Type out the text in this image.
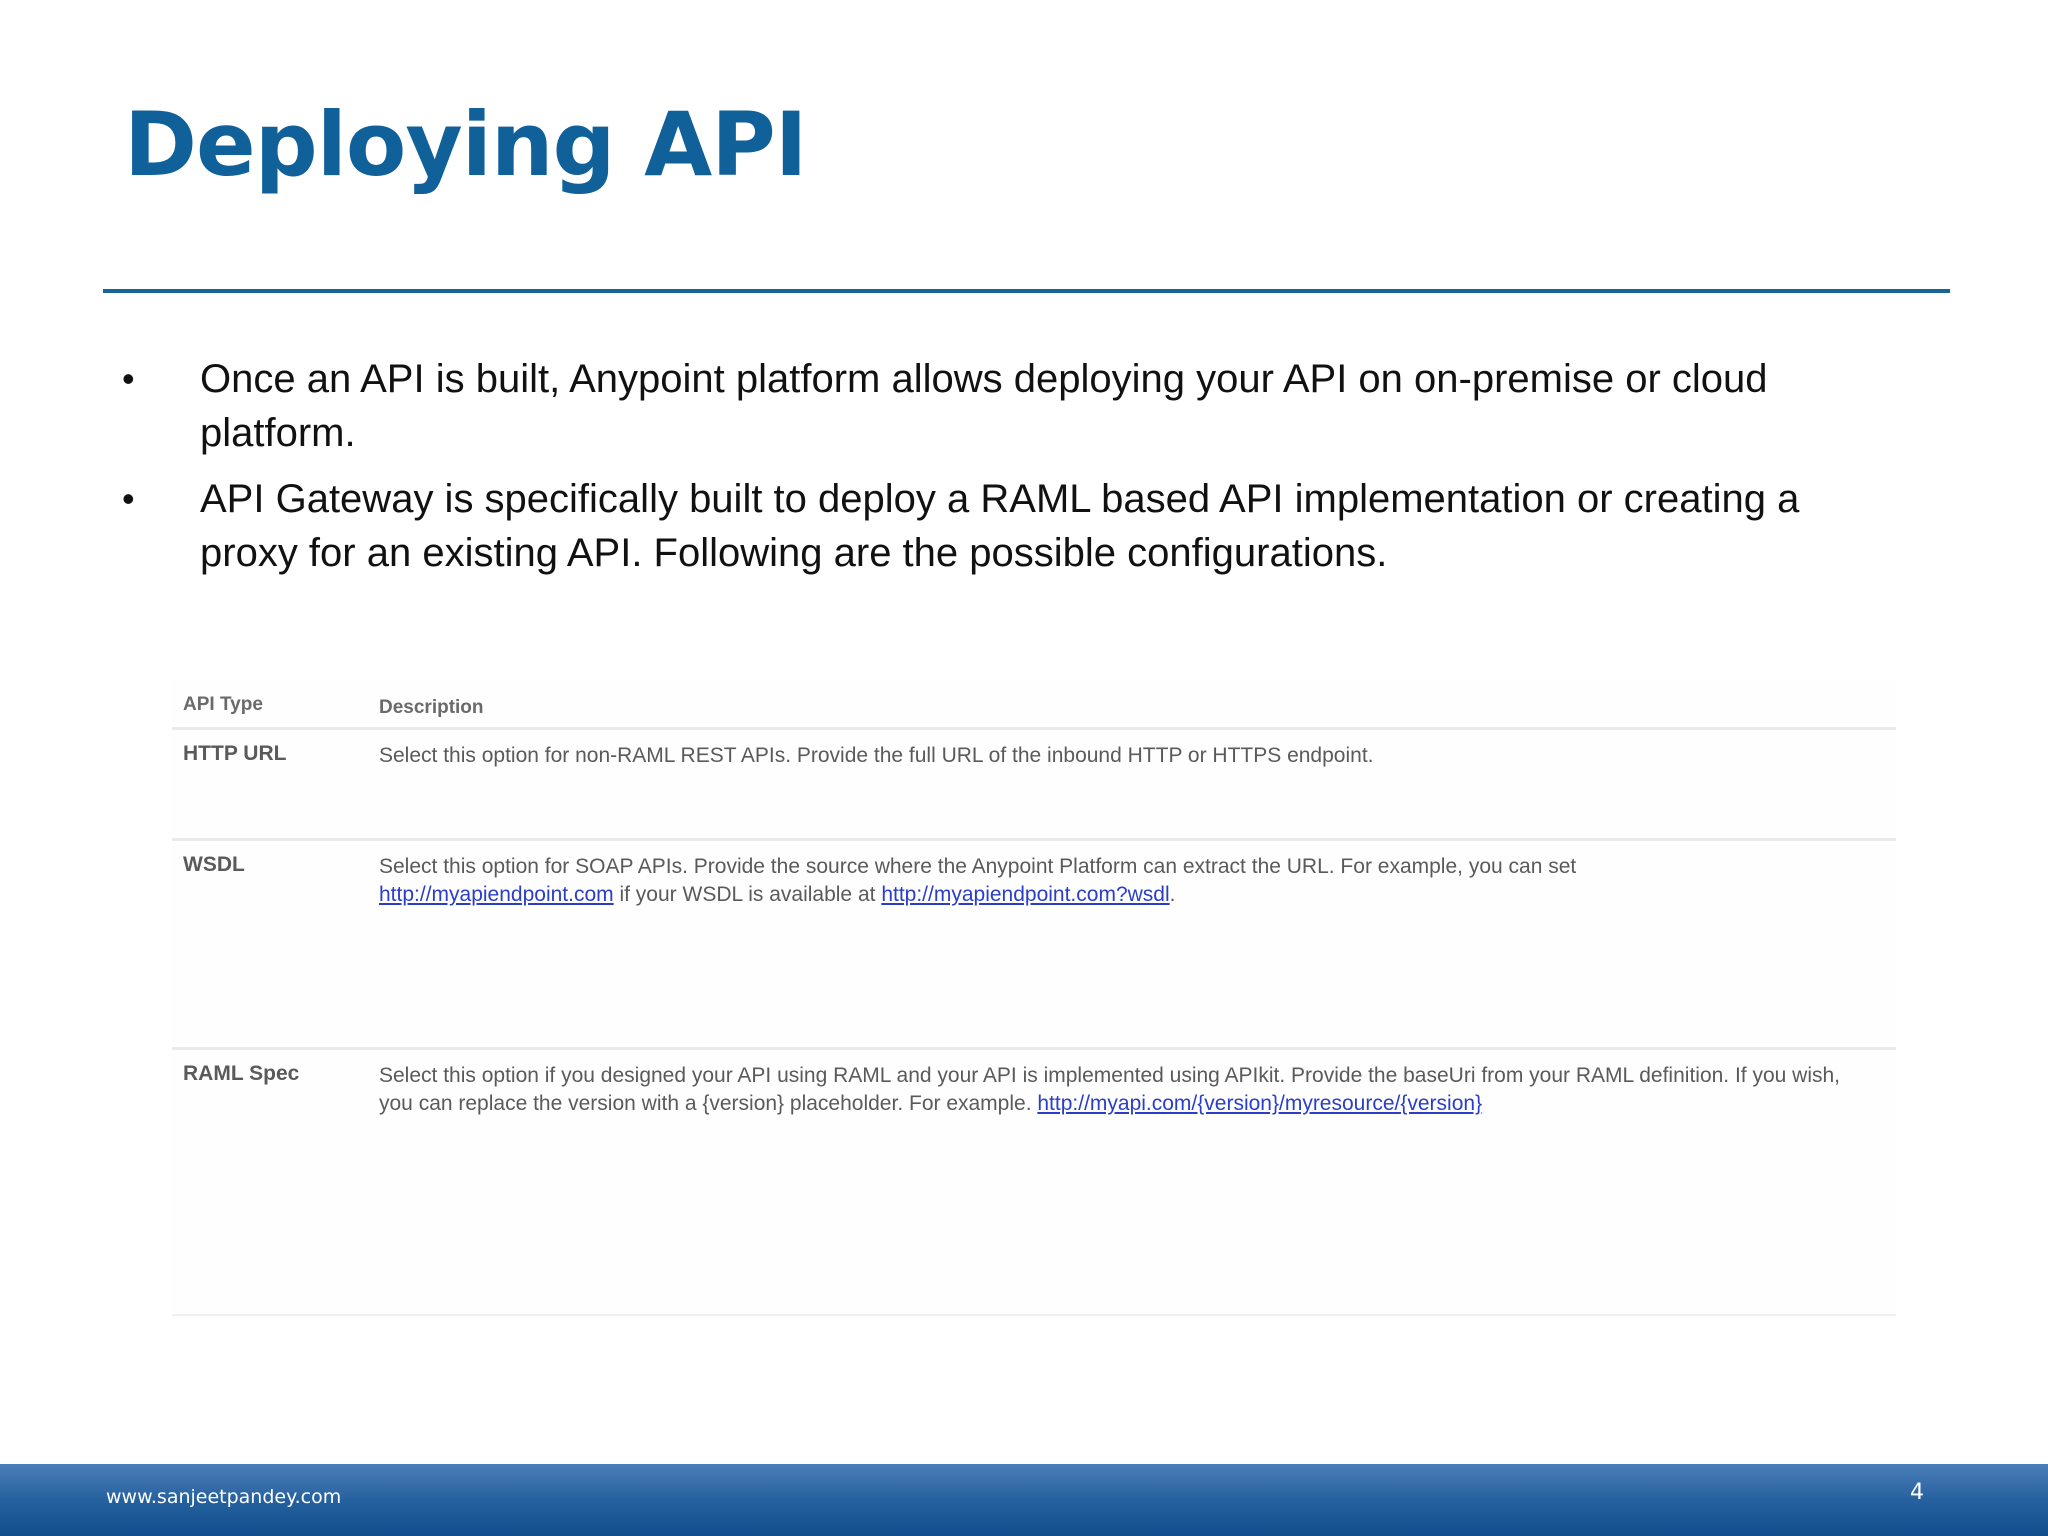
Deploying API
• Once an API is built, Anypoint platform allows deploying your API on on-premise or cloud platform.
• API Gateway is specifically built to deploy a RAML based API implementation or creating a proxy for an existing API. Following are the possible configurations.
API Type	Description
HTTP URL	Select this option for non-RAML REST APIs. Provide the full URL of the inbound HTTP or HTTPS endpoint.
WSDL	Select this option for SOAP APIs. Provide the source where the Anypoint Platform can extract the URL. For example, you can set
http://myapiendpoint.com if your WSDL is available at http://myapiendpoint.com?wsdl.
RAML Spec	Select this option if you designed your API using RAML and your API is implemented using APIkit. Provide the baseUri from your RAML definition. If you wish, you can replace the version with a {version} placeholder. For example. http://myapi.com/{version}/myresource/{version}
www.sanjeetpandey.com	4
